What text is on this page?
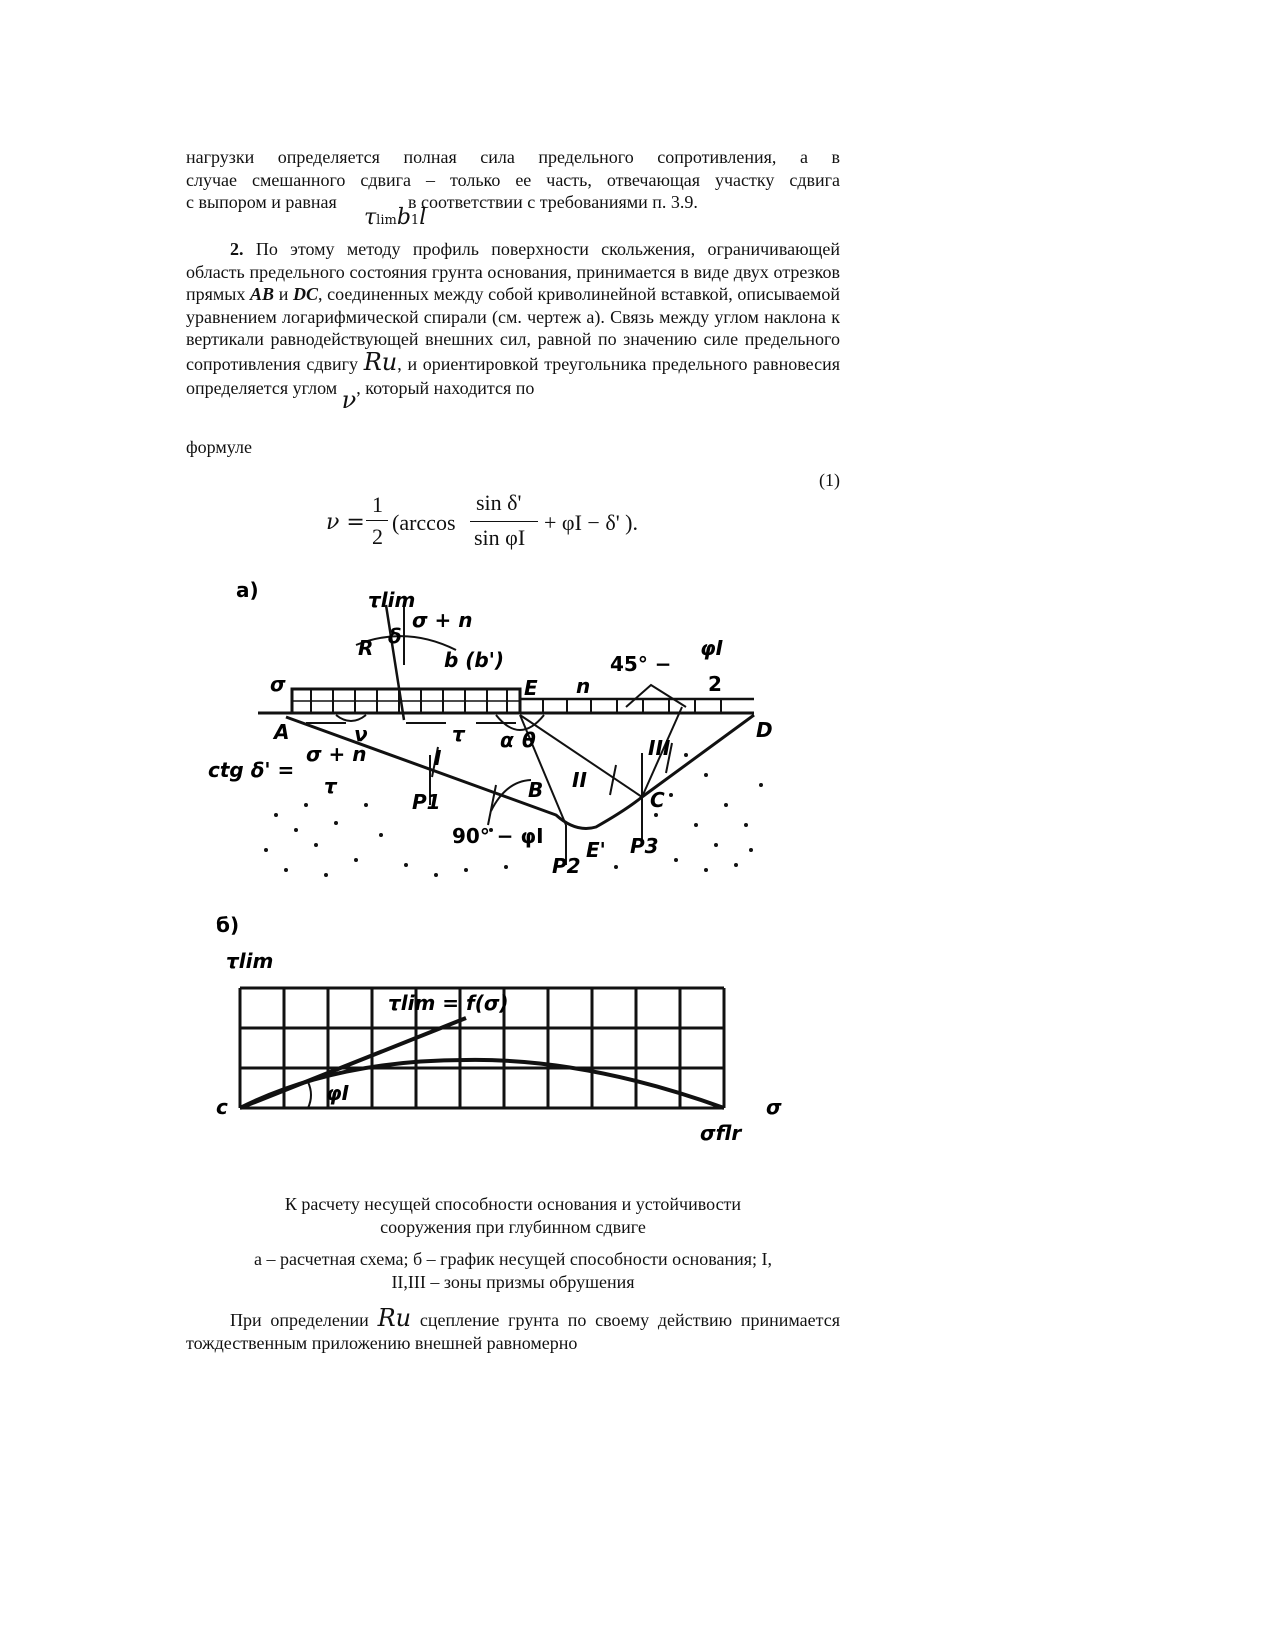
нагрузки определяется полная сила предельного сопротивления, а в
случае смешанного сдвига – только ее часть, отвечающая участку сдвига
с выпором и равная	в соответствии с требованиями п. 3.9.
τlimb1l
2. По этому методу профиль поверхности скольжения, ограничивающей область предельного состояния грунта основания, принимается в виде двух отрезков прямых AB и DC, соединенных между собой криволинейной вставкой, описываемой уравнением логарифмической спирали (см. чертеж а). Связь между углом наклона к вертикали равнодействующей внешних сил, равной по значению силе предельного сопротивления сдвигу Ru, и ориентировкой треугольника предельного равновесия определяется углом ν, который находится по
формуле
(1)
ν =
1
2
(arccos
sin δ'
sin φI
+ φI − δ' ).
а)	τlim
R δ
σ + n
b (b')
σ	E n
45° −
φI
2
A	D
ν	τ α θ
ctg δ' =
σ + n
τ
I
II
III
P1	B	C
90° − φI
P2
E' P3
б)
τlim
σ
τlim = f(σ)
φI
c
σflr
К расчету несущей способности основания и устойчивости
сооружения при глубинном сдвиге
а – расчетная схема; б – график несущей способности основания; I,
II,III – зоны призмы обрушения
При определении Ru сцепление грунта по своему действию принимается тождественным приложению внешней равномерно
